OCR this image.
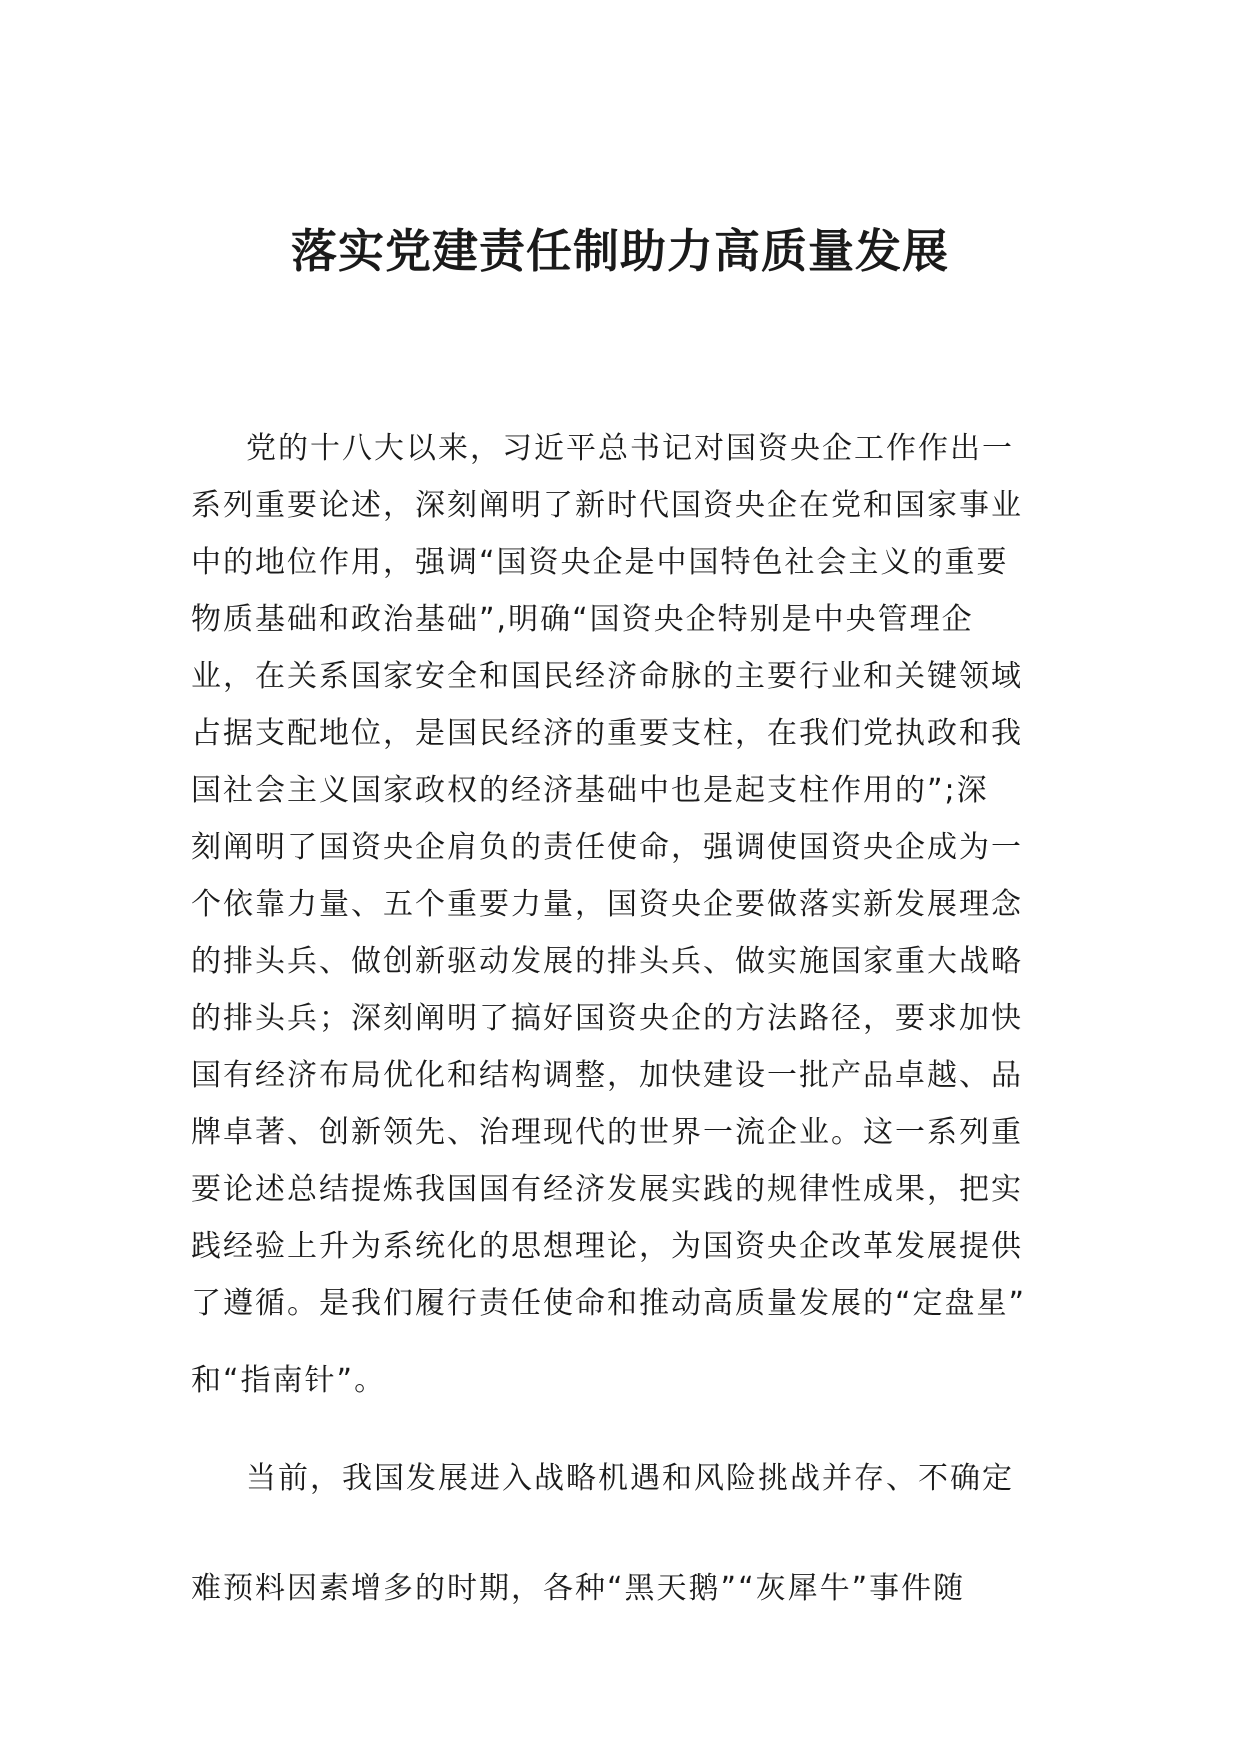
落实党建责任制助力高质量发展
党的十八大以来，习近平总书记对国资央企工作作出一
系列重要论述，深刻阐明了新时代国资央企在党和国家事业
中的地位作用，强调“国资央企是中国特色社会主义的重要
物质基础和政治基础”,明确“国资央企特别是中央管理企
业，在关系国家安全和国民经济命脉的主要行业和关键领域
占据支配地位，是国民经济的重要支柱，在我们党执政和我
国社会主义国家政权的经济基础中也是起支柱作用的”;深
刻阐明了国资央企肩负的责任使命，强调使国资央企成为一
个依靠力量、五个重要力量，国资央企要做落实新发展理念
的排头兵、做创新驱动发展的排头兵、做实施国家重大战略
的排头兵；深刻阐明了搞好国资央企的方法路径，要求加快
国有经济布局优化和结构调整，加快建设一批产品卓越、品
牌卓著、创新领先、治理现代的世界一流企业。这一系列重
要论述总结提炼我国国有经济发展实践的规律性成果，把实
践经验上升为系统化的思想理论，为国资央企改革发展提供
了遵循。是我们履行责任使命和推动高质量发展的“定盘星”
和“指南针”。
当前，我国发展进入战略机遇和风险挑战并存、不确定
难预料因素增多的时期，各种“黑天鹅”“灰犀牛”事件随
